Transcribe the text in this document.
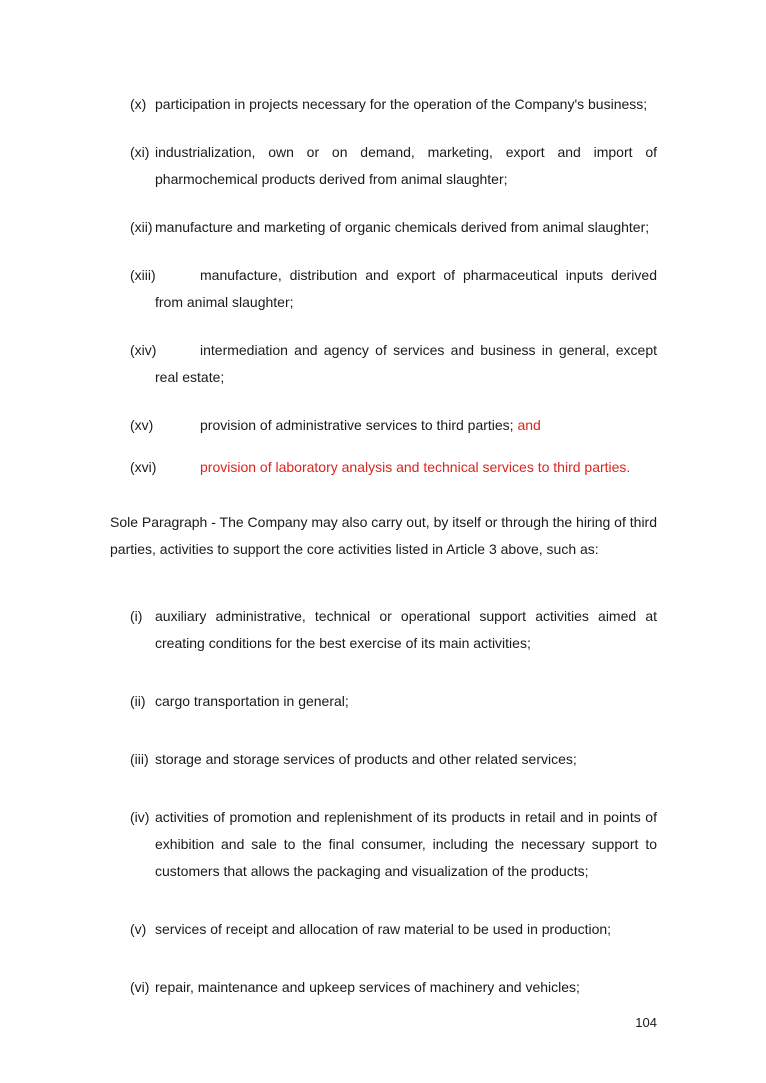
(x) participation in projects necessary for the operation of the Company's business;
(xi) industrialization, own or on demand, marketing, export and import of pharmochemical products derived from animal slaughter;
(xii) manufacture and marketing of organic chemicals derived from animal slaughter;
(xiii)	manufacture, distribution and export of pharmaceutical inputs derived from animal slaughter;
(xiv)	intermediation and agency of services and business in general, except real estate;
(xv)	provision of administrative services to third parties; and
(xvi)	provision of laboratory analysis and technical services to third parties.

Sole Paragraph - The Company may also carry out, by itself or through the hiring of third parties, activities to support the core activities listed in Article 3 above, such as:

(i) auxiliary administrative, technical or operational support activities aimed at creating conditions for the best exercise of its main activities;
(ii) cargo transportation in general;
(iii) storage and storage services of products and other related services;
(iv) activities of promotion and replenishment of its products in retail and in points of exhibition and sale to the final consumer, including the necessary support to customers that allows the packaging and visualization of the products;
(v) services of receipt and allocation of raw material to be used in production;
(vi) repair, maintenance and upkeep services of machinery and vehicles;
104
